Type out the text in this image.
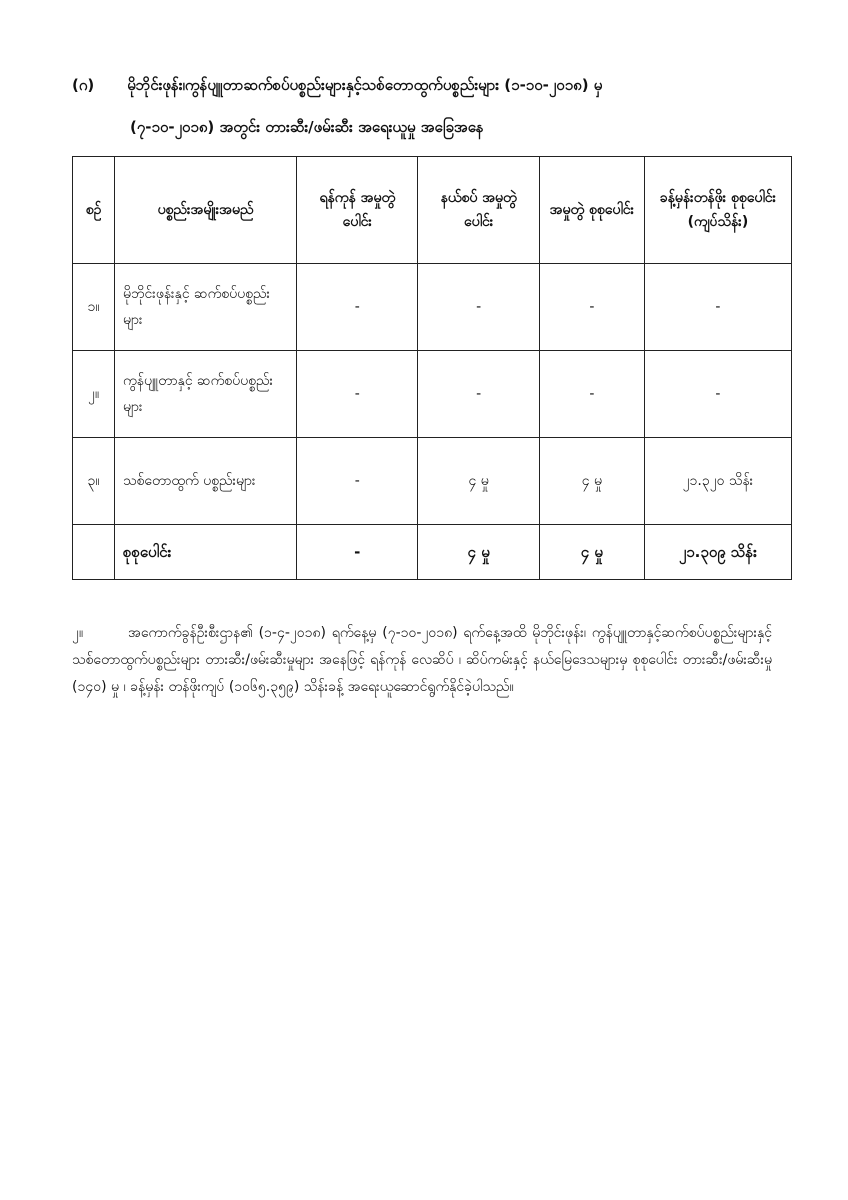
(ဂ) မိုဘိုင်းဖုန်း၊ကွန်ပျူတာဆက်စပ်ပစ္စည်းများနှင့်သစ်တောထွက်ပစ္စည်းများ (၁-၁၀-၂၀၁၈) မှ
(၇-၁၀-၂၀၁၈) အတွင်း တားဆီး/ဖမ်းဆီး အရေးယူမှု အခြေအနေ
စဉ်	ပစ္စည်းအမျိုးအမည်	ရန်ကုန် အမှုတွဲပေါင်း	နယ်စပ် အမှုတွဲပေါင်း	အမှုတွဲ စုစုပေါင်း	ခန့်မှန်းတန်ဖိုး စုစုပေါင်း (ကျပ်သိန်း)
၁။	မိုဘိုင်းဖုန်းနှင့် ဆက်စပ်ပစ္စည်းများ	-	-	-	-
၂။	ကွန်ပျူတာနှင့် ဆက်စပ်ပစ္စည်းများ	-	-	-	-
၃။	သစ်တောထွက် ပစ္စည်းများ	-	၄ မှု	၄ မှု	၂၁.၃၂၀ သိန်း
	စုစုပေါင်း	-	၄ မှု	၄ မှု	၂၁.၃၀၉ သိန်း
၂။	အကောက်ခွန်ဦးစီးဌာန၏ (၁-၄-၂၀၁၈) ရက်နေ့မှ (၇-၁၀-၂၀၁၈) ရက်နေ့အထိ မိုဘိုင်းဖုန်း၊ ကွန်ပျူတာနှင့်ဆက်စပ်ပစ္စည်းများနှင့် သစ်တောထွက်ပစ္စည်းများ တားဆီး/ဖမ်းဆီးမှုများ အနေဖြင့် ရန်ကုန် လေဆိပ် ၊ ဆိပ်ကမ်းနှင့် နယ်မြေဒေသများမှ စုစုပေါင်း တားဆီး/ဖမ်းဆီးမှု (၁၄၀) မှု ၊ ခန့်မှန်း တန်ဖိုးကျပ် (၁၀၆၅.၃၅၉) သိန်းခန့် အရေးယူဆောင်ရွက်နိုင်ခဲ့ပါသည်။
